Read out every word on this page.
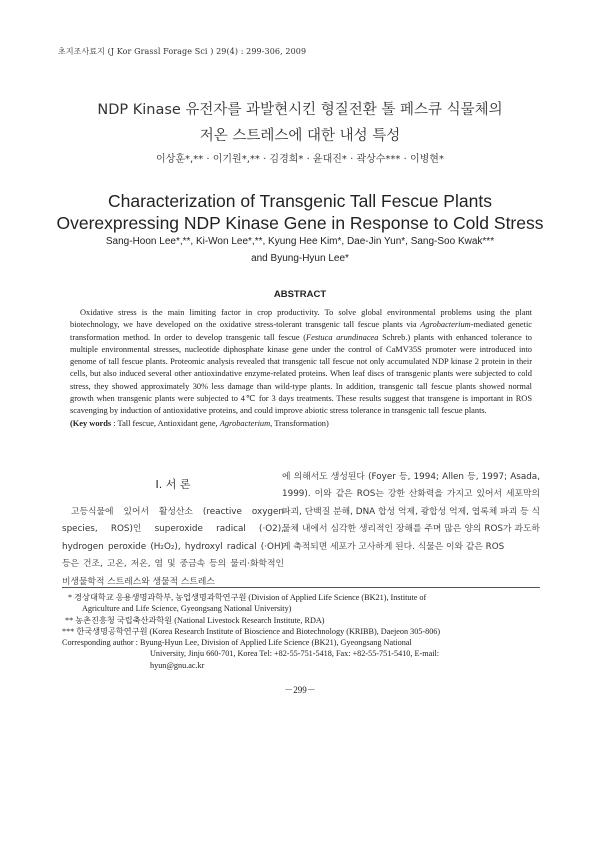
초지조사료지 (J Kor Grassl Forage Sci ) 29(4) : 299-306, 2009
NDP Kinase 유전자를 과발현시킨 형질전환 톨 페스큐 식물체의
저온 스트레스에 대한 내성 특성
이상훈*,** · 이기원*,** · 김경희* · 윤대진* · 곽상수*** · 이병현*
Characterization of Transgenic Tall Fescue Plants
Overexpressing NDP Kinase Gene in Response to Cold Stress
Sang-Hoon Lee*,**, Ki-Won Lee*,**, Kyung Hee Kim*, Dae-Jin Yun*, Sang-Soo Kwak***
and Byung-Hyun Lee*
ABSTRACT

Oxidative stress is the main limiting factor in crop productivity. To solve global environmental problems using the plant biotechnology, we have developed on the oxidative stress-tolerant transgenic tall fescue plants via Agrobacterium-mediated genetic transformation method. In order to develop transgenic tall fescue (Festuca arundinacea Schreb.) plants with enhanced tolerance to multiple environmental stresses, nucleotide diphosphate kinase gene under the control of CaMV35S promoter were introduced into genome of tall fescue plants. Proteomic analysis revealed that transgenic tall fescue not only accumulated NDP kinase 2 protein in their cells, but also induced several other antioxindative enzyme-related proteins. When leaf discs of transgenic plants were subjected to cold stress, they showed approximately 30% less damage than wild-type plants. In addition, transgenic tall fescue plants showed normal growth when transgenic plants were subjected to 4℃ for 3 days treatments. These results suggest that transgene is important in ROS scavenging by induction of antioxidative proteins, and could improve abiotic stress tolerance in transgenic tall fescue plants.

(Key words : Tall fescue, Antioxidant gene, Agrobacterium, Transformation)
Ⅰ. 서 론

고등식물에 있어서 활성산소 (reactive oxygen species, ROS)인 superoxide radical (·O2), hydrogen peroxide (H₂O₂), hydroxyl radical (·OH) 등은 건조, 고온, 저온, 염 및 중금속 등의 물리·화학적인 비생물학적 스트레스와 생물적 스트레스

에 의해서도 생성된다 (Foyer 등, 1994; Allen 등, 1997; Asada, 1999). 이와 같은 ROS는 강한 산화력을 가지고 있어서 세포막의 파괴, 단백질 분해, DNA 합성 억제, 광합성 억제, 엽록체 파괴 등 식물체 내에서 심각한 생리적인 장해를 주며 많은 양의 ROS가 과도하게 축적되면 세포가 고사하게 된다. 식물은 이와 같은 ROS

* 경상대학교 응용생명과학부, 농업생명과학연구원 (Division of Applied Life Science (BK21), Institute of
Agriculture and Life Science, Gyeongsang National University)
** 농촌진흥청 국립축산과학원 (National Livestock Research Institute, RDA)
*** 한국생명공학연구원 (Korea Research Institute of Bioscience and Biotechnology (KRIBB), Daejeon 305-806)
Corresponding author : Byung-Hyun Lee, Division of Applied Life Science (BK21), Gyeongsang National
University, Jinju 660-701, Korea Tel: +82-55-751-5418, Fax: +82-55-751-5410, E-mail:
hyun@gnu.ac.kr
－299－
